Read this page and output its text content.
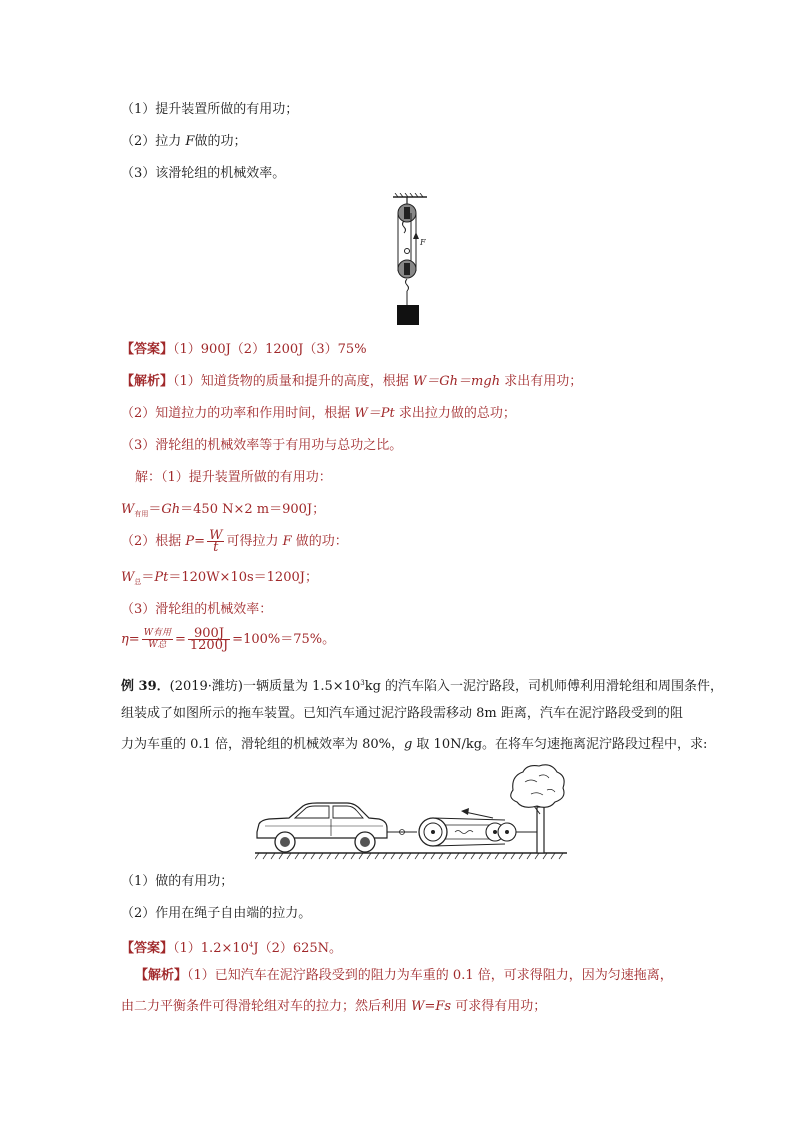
（1）提升装置所做的有用功；
（2）拉力 F做的功；
（3）该滑轮组的机械效率。
F
【答案】（1）900J（2）1200J（3）75%
【解析】（1）知道货物的质量和提升的高度，根据 W＝Gh＝mgh 求出有用功；
（2）知道拉力的功率和作用时间，根据 W＝Pt 求出拉力做的总功；
（3）滑轮组的机械效率等于有用功与总功之比。
解：（1）提升装置所做的有用功：
$W_{有用}=Gh=450$ N×2 m＝900J；
（2）根据 $P= \frac{W}{t}$ 可得拉力 F 做的功：
$W_总=Pt=120W\times 10s=1200J$；
（3）滑轮组的机械效率：
$\eta= \frac{\text{W有用}}{\text{W总}} = \frac{900J}{1200J} =100\%=75\%$。
例 39．(2019·潍坊)一辆质量为 $1.5\times 10^3kg$ 的汽车陷入一泥泞路段，司机师傅利用滑轮组和周围条件，
组装成了如图所示的拖车装置。已知汽车通过泥泞路段需移动 8m 距离，汽车在泥泞路段受到的阻
力为车重的 0.1 倍，滑轮组的机械效率为 80%，g 取 10N/kg。在将车匀速拖离泥泞路段过程中，求:
（1）做的有用功；
（2）作用在绳子自由端的拉力。
【答案】$(1)1.2\times 10^4J(2)625N$。
【解析】（1）已知汽车在泥泞路段受到的阻力为车重的 0.1 倍，可求得阻力，因为匀速拖离，
由二力平衡条件可得滑轮组对车的拉力；然后利用 W=Fs 可求得有用功；
